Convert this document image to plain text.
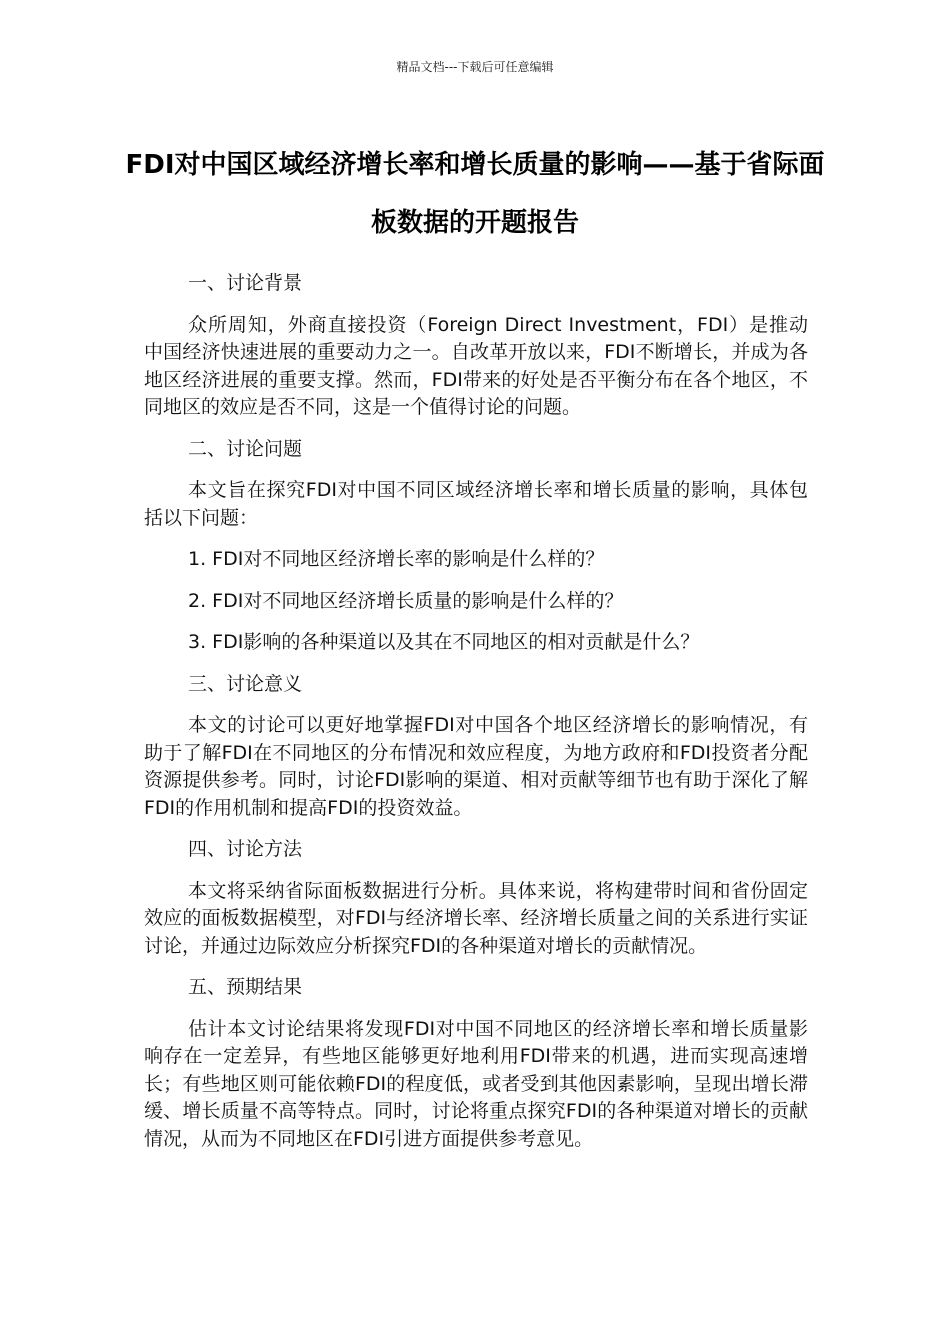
精品文档---下载后可任意编辑
FDI对中国区域经济增长率和增长质量的影响——基于省际面板数据的开题报告

一、讨论背景

众所周知，外商直接投资（Foreign Direct Investment，FDI）是推动中国经济快速进展的重要动力之一。自改革开放以来，FDI不断增长，并成为各地区经济进展的重要支撑。然而，FDI带来的好处是否平衡分布在各个地区，不同地区的效应是否不同，这是一个值得讨论的问题。

二、讨论问题

本文旨在探究FDI对中国不同区域经济增长率和增长质量的影响，具体包括以下问题：

1. FDI对不同地区经济增长率的影响是什么样的？

2. FDI对不同地区经济增长质量的影响是什么样的？

3. FDI影响的各种渠道以及其在不同地区的相对贡献是什么？

三、讨论意义

本文的讨论可以更好地掌握FDI对中国各个地区经济增长的影响情况，有助于了解FDI在不同地区的分布情况和效应程度，为地方政府和FDI投资者分配资源提供参考。同时，讨论FDI影响的渠道、相对贡献等细节也有助于深化了解FDI的作用机制和提高FDI的投资效益。

四、讨论方法

本文将采纳省际面板数据进行分析。具体来说，将构建带时间和省份固定效应的面板数据模型，对FDI与经济增长率、经济增长质量之间的关系进行实证讨论，并通过边际效应分析探究FDI的各种渠道对增长的贡献情况。

五、预期结果

估计本文讨论结果将发现FDI对中国不同地区的经济增长率和增长质量影响存在一定差异，有些地区能够更好地利用FDI带来的机遇，进而实现高速增长；有些地区则可能依赖FDI的程度低，或者受到其他因素影响，呈现出增长滞缓、增长质量不高等特点。同时，讨论将重点探究FDI的各种渠道对增长的贡献情况，从而为不同地区在FDI引进方面提供参考意见。
